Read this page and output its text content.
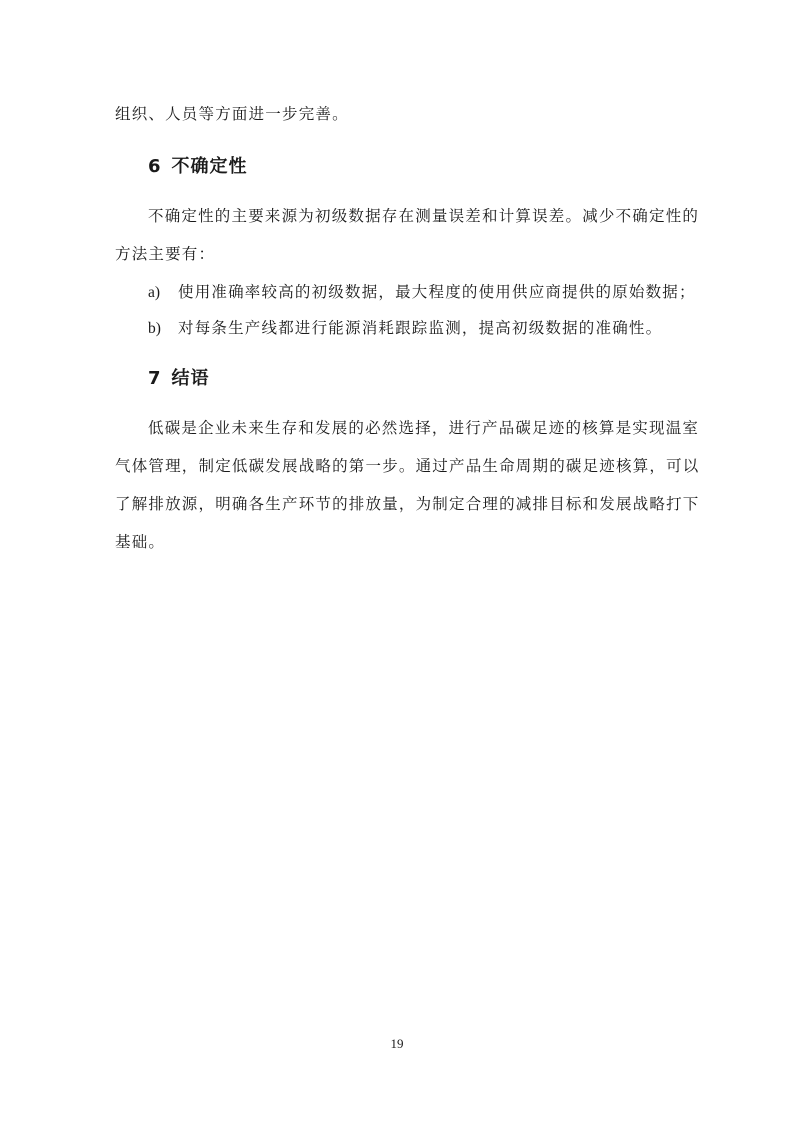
组织、人员等方面进一步完善。
6 不确定性
不确定性的主要来源为初级数据存在测量误差和计算误差。减少不确定性的
方法主要有：
a) 使用准确率较高的初级数据，最大程度的使用供应商提供的原始数据；
b) 对每条生产线都进行能源消耗跟踪监测，提高初级数据的准确性。
7 结语
低碳是企业未来生存和发展的必然选择，进行产品碳足迹的核算是实现温室
气体管理，制定低碳发展战略的第一步。通过产品生命周期的碳足迹核算，可以
了解排放源，明确各生产环节的排放量，为制定合理的减排目标和发展战略打下
基础。
19
